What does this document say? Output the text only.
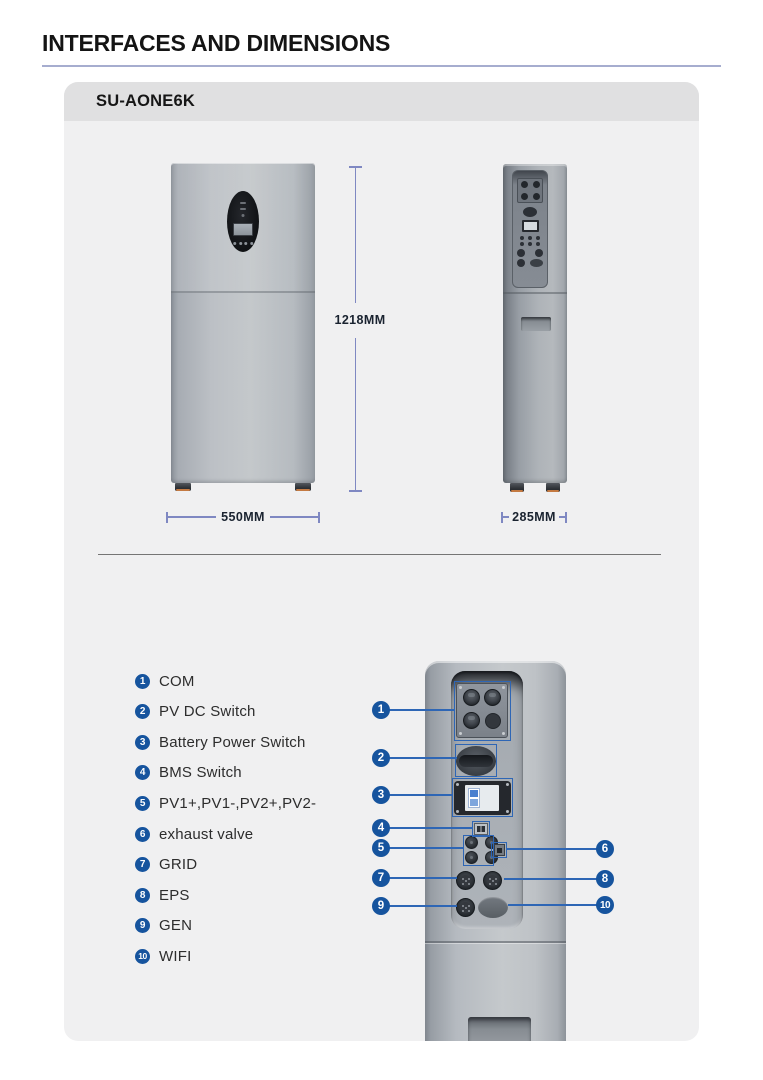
INTERFACES AND DIMENSIONS
SU-AONE6K
1218MM
550MM	285MM
1 COM
2 PV DC Switch
3 Battery Power Switch
4 BMS Switch
5 PV1+,PV1-,PV2+,PV2-
6 exhaust valve
7 GRID
8 EPS
9 GEN
10 WIFI
1
2
3
4
5	6
7	8
9	10
